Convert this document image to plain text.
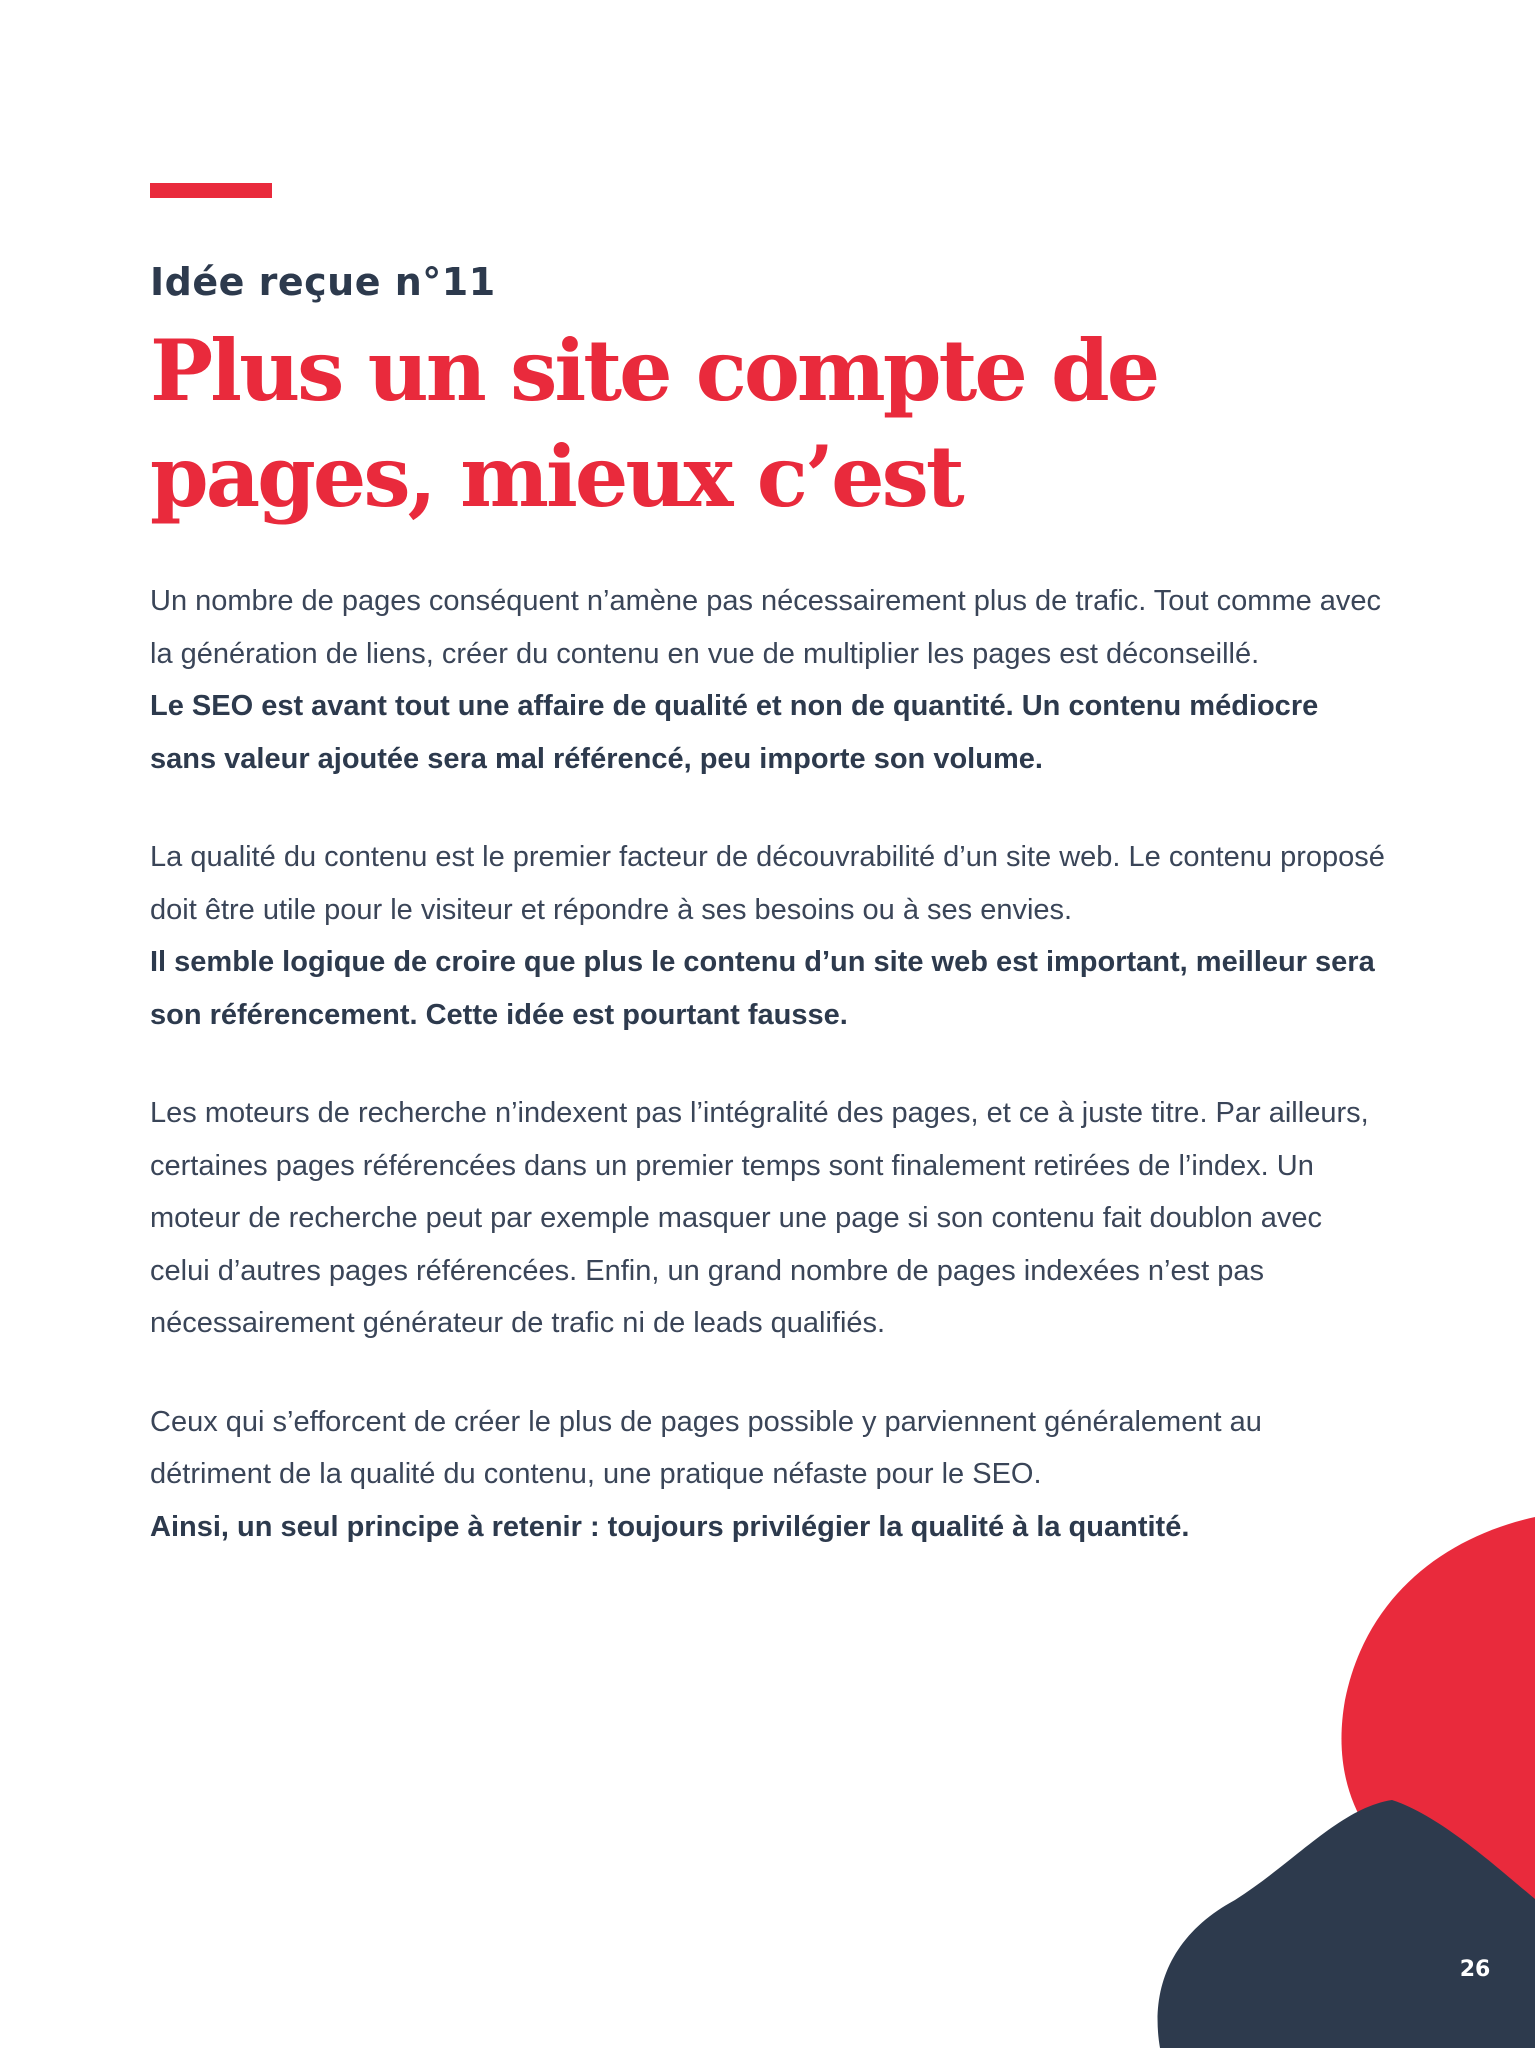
Idée reçue n°11
Plus un site compte de pages, mieux c’est

Un nombre de pages conséquent n’amène pas nécessairement plus de trafic. Tout comme avec la génération de liens, créer du contenu en vue de multiplier les pages est déconseillé.
Le SEO est avant tout une affaire de qualité et non de quantité. Un contenu médiocre sans valeur ajoutée sera mal référencé, peu importe son volume.

La qualité du contenu est le premier facteur de découvrabilité d’un site web. Le contenu proposé doit être utile pour le visiteur et répondre à ses besoins ou à ses envies.
Il semble logique de croire que plus le contenu d’un site web est important, meilleur sera son référencement. Cette idée est pourtant fausse.

Les moteurs de recherche n’indexent pas l’intégralité des pages, et ce à juste titre. Par ailleurs, certaines pages référencées dans un premier temps sont finalement retirées de l’index. Un moteur de recherche peut par exemple masquer une page si son contenu fait doublon avec celui d’autres pages référencées. Enfin, un grand nombre de pages indexées n’est pas nécessairement générateur de trafic ni de leads qualifiés.

Ceux qui s’efforcent de créer le plus de pages possible y parviennent généralement au détriment de la qualité du contenu, une pratique néfaste pour le SEO.
Ainsi, un seul principe à retenir : toujours privilégier la qualité à la quantité.

26
